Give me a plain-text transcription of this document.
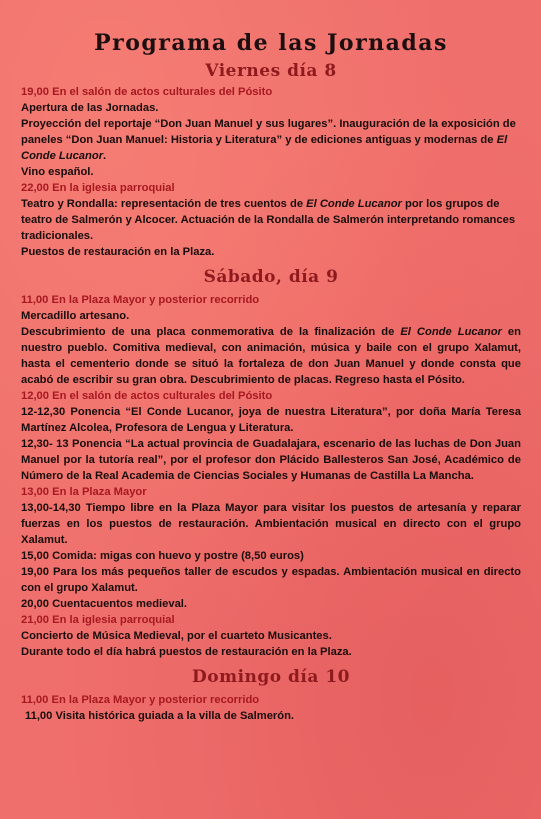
Programa de las Jornadas
Viernes día 8
19,00 En el salón de actos culturales del Pósito

Apertura de las Jornadas.

Proyección del reportaje “Don Juan Manuel y sus lugares”. Inauguración de la exposición de paneles “Don Juan Manuel: Historia y Literatura” y de ediciones antiguas y modernas de El Conde Lucanor.

Vino español.

22,00 En la iglesia parroquial

Teatro y Rondalla: representación de tres cuentos de El Conde Lucanor por los grupos de teatro de Salmerón y Alcocer. Actuación de la Rondalla de Salmerón interpretando romances tradicionales.

Puestos de restauración en la Plaza.

Sábado, día 9
11,00 En la Plaza Mayor y posterior recorrido

Mercadillo artesano.

Descubrimiento de una placa conmemorativa de la finalización de El Conde Lucanor en nuestro pueblo. Comitiva medieval, con animación, música y baile con el grupo Xalamut, hasta el cementerio donde se situó la fortaleza de don Juan Manuel y donde consta que acabó de escribir su gran obra. Descubrimiento de placas. Regreso hasta el Pósito.

12,00 En el salón de actos culturales del Pósito

12-12,30 Ponencia “El Conde Lucanor, joya de nuestra Literatura”, por doña María Teresa Martínez Alcolea, Profesora de Lengua y Literatura.

12,30- 13 Ponencia “La actual provincia de Guadalajara, escenario de las luchas de Don Juan Manuel por la tutoría real”, por el profesor don Plácido Ballesteros San José, Académico de Número de la Real Academia de Ciencias Sociales y Humanas de Castilla La Mancha.

13,00 En la Plaza Mayor

13,00-14,30 Tiempo libre en la Plaza Mayor para visitar los puestos de artesanía y reparar fuerzas en los puestos de restauración. Ambientación musical en directo con el grupo Xalamut.

15,00 Comida: migas con huevo y postre (8,50 euros)

19,00 Para los más pequeños taller de escudos y espadas. Ambientación musical en directo con el grupo Xalamut.

20,00 Cuentacuentos medieval.

21,00 En la iglesia parroquial

Concierto de Música Medieval, por el cuarteto Musicantes.

Durante todo el día habrá puestos de restauración en la Plaza.

Domingo día 10
11,00 En la Plaza Mayor y posterior recorrido

11,00 Visita histórica guiada a la villa de Salmerón.
